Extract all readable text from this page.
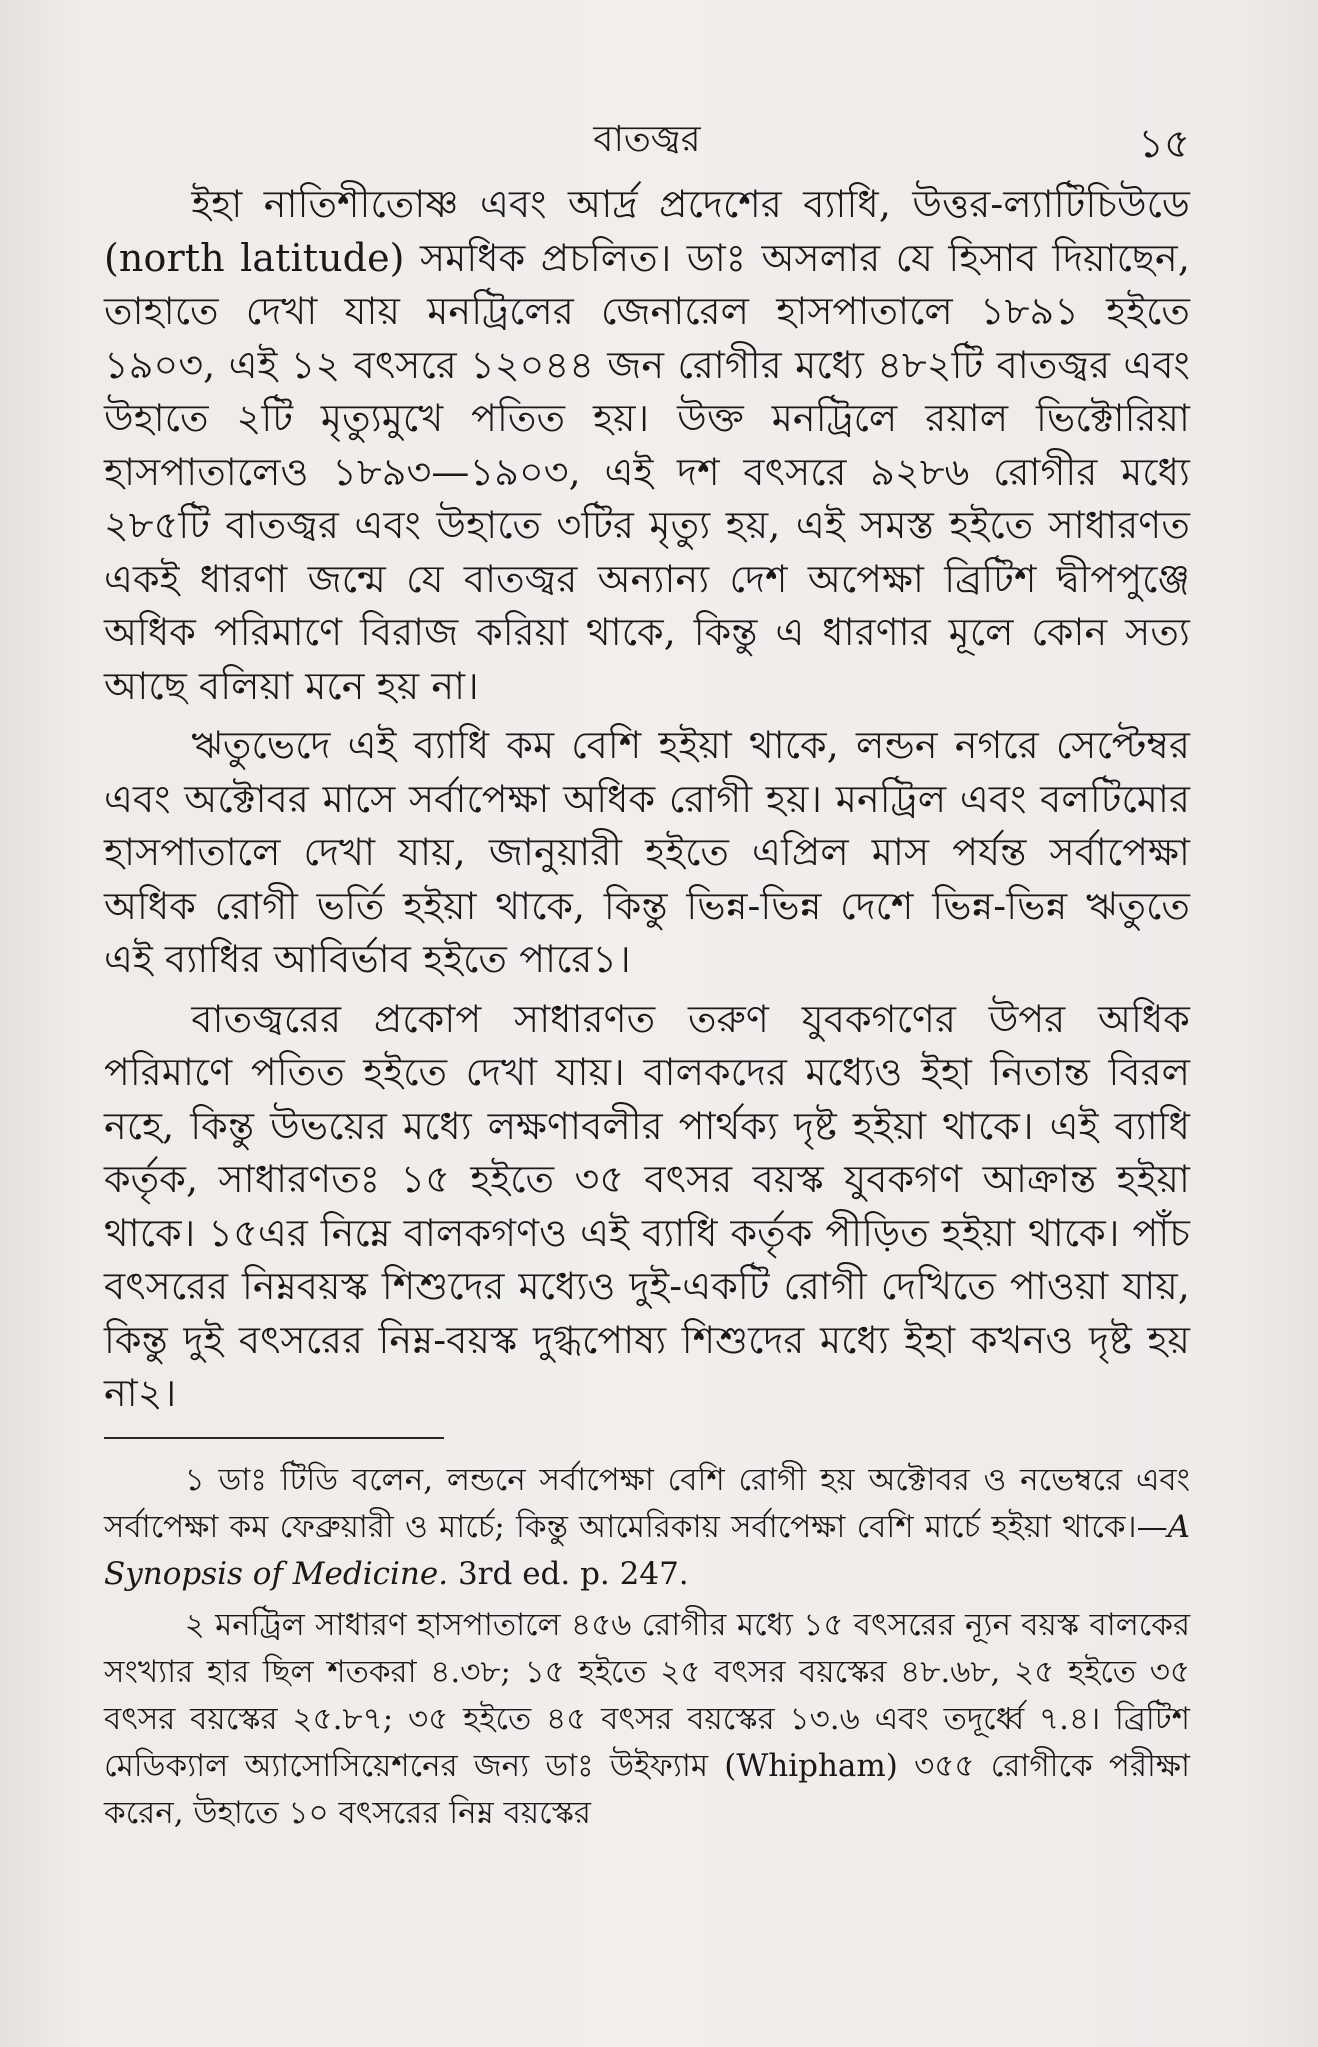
বাতজ্বর	১৫

ইহা নাতিশীতোষ্ণ এবং আর্দ্র প্রদেশের ব্যাধি, উত্তর-ল্যাটিচিউডে (north latitude) সমধিক প্রচলিত। ডাঃ অসলার যে হিসাব দিয়াছেন, তাহাতে দেখা যায় মনট্রিলের জেনারেল হাসপাতালে ১৮৯১ হইতে ১৯০৩, এই ১২ বৎসরে ১২০৪৪ জন রোগীর মধ্যে ৪৮২টি বাতজ্বর এবং উহাতে ২টি মৃত্যুমুখে পতিত হয়। উক্ত মনট্রিলে রয়াল ভিক্টোরিয়া হাসপাতালেও ১৮৯৩—১৯০৩, এই দশ বৎসরে ৯২৮৬ রোগীর মধ্যে ২৮৫টি বাতজ্বর এবং উহাতে ৩টির মৃত্যু হয়, এই সমস্ত হইতে সাধারণত একই ধারণা জন্মে যে বাতজ্বর অন্যান্য দেশ অপেক্ষা ব্রিটিশ দ্বীপপুঞ্জে অধিক পরিমাণে বিরাজ করিয়া থাকে, কিন্তু এ ধারণার মূলে কোন সত্য আছে বলিয়া মনে হয় না।

ঋতুভেদে এই ব্যাধি কম বেশি হইয়া থাকে, লন্ডন নগরে সেপ্টেম্বর এবং অক্টোবর মাসে সর্বাপেক্ষা অধিক রোগী হয়। মনট্রিল এবং বলটিমোর হাসপাতালে দেখা যায়, জানুয়ারী হইতে এপ্রিল মাস পর্যন্ত সর্বাপেক্ষা অধিক রোগী ভর্তি হইয়া থাকে, কিন্তু ভিন্ন-ভিন্ন দেশে ভিন্ন-ভিন্ন ঋতুতে এই ব্যাধির আবির্ভাব হইতে পারে১।

বাতজ্বরের প্রকোপ সাধারণত তরুণ যুবকগণের উপর অধিক পরিমাণে পতিত হইতে দেখা যায়। বালকদের মধ্যেও ইহা নিতান্ত বিরল নহে, কিন্তু উভয়ের মধ্যে লক্ষণাবলীর পার্থক্য দৃষ্ট হইয়া থাকে। এই ব্যাধি কর্তৃক, সাধারণতঃ ১৫ হইতে ৩৫ বৎসর বয়স্ক যুবকগণ আক্রান্ত হইয়া থাকে। ১৫এর নিম্নে বালকগণও এই ব্যাধি কর্তৃক পীড়িত হইয়া থাকে। পাঁচ বৎসরের নিম্নবয়স্ক শিশুদের মধ্যেও দুই-একটি রোগী দেখিতে পাওয়া যায়, কিন্তু দুই বৎসরের নিম্ন-বয়স্ক দুগ্ধপোষ্য শিশুদের মধ্যে ইহা কখনও দৃষ্ট হয় না২।

১ ডাঃ টিডি বলেন, লন্ডনে সর্বাপেক্ষা বেশি রোগী হয় অক্টোবর ও নভেম্বরে এবং সর্বাপেক্ষা কম ফেব্রুয়ারী ও মার্চে; কিন্তু আমেরিকায় সর্বাপেক্ষা বেশি মার্চে হইয়া থাকে।—A Synopsis of Medicine. 3rd ed. p. 247.

২ মনট্রিল সাধারণ হাসপাতালে ৪৫৬ রোগীর মধ্যে ১৫ বৎসরের ন্যূন বয়স্ক বালকের সংখ্যার হার ছিল শতকরা ৪.৩৮; ১৫ হইতে ২৫ বৎসর বয়স্কের ৪৮.৬৮, ২৫ হইতে ৩৫ বৎসর বয়স্কের ২৫.৮৭; ৩৫ হইতে ৪৫ বৎসর বয়স্কের ১৩.৬ এবং তদূর্ধ্বে ৭.৪। ব্রিটিশ মেডিক্যাল অ্যাসোসিয়েশনের জন্য ডাঃ উইফ্যাম (Whipham) ৩৫৫ রোগীকে পরীক্ষা করেন, উহাতে ১০ বৎসরের নিম্ন বয়স্কের
